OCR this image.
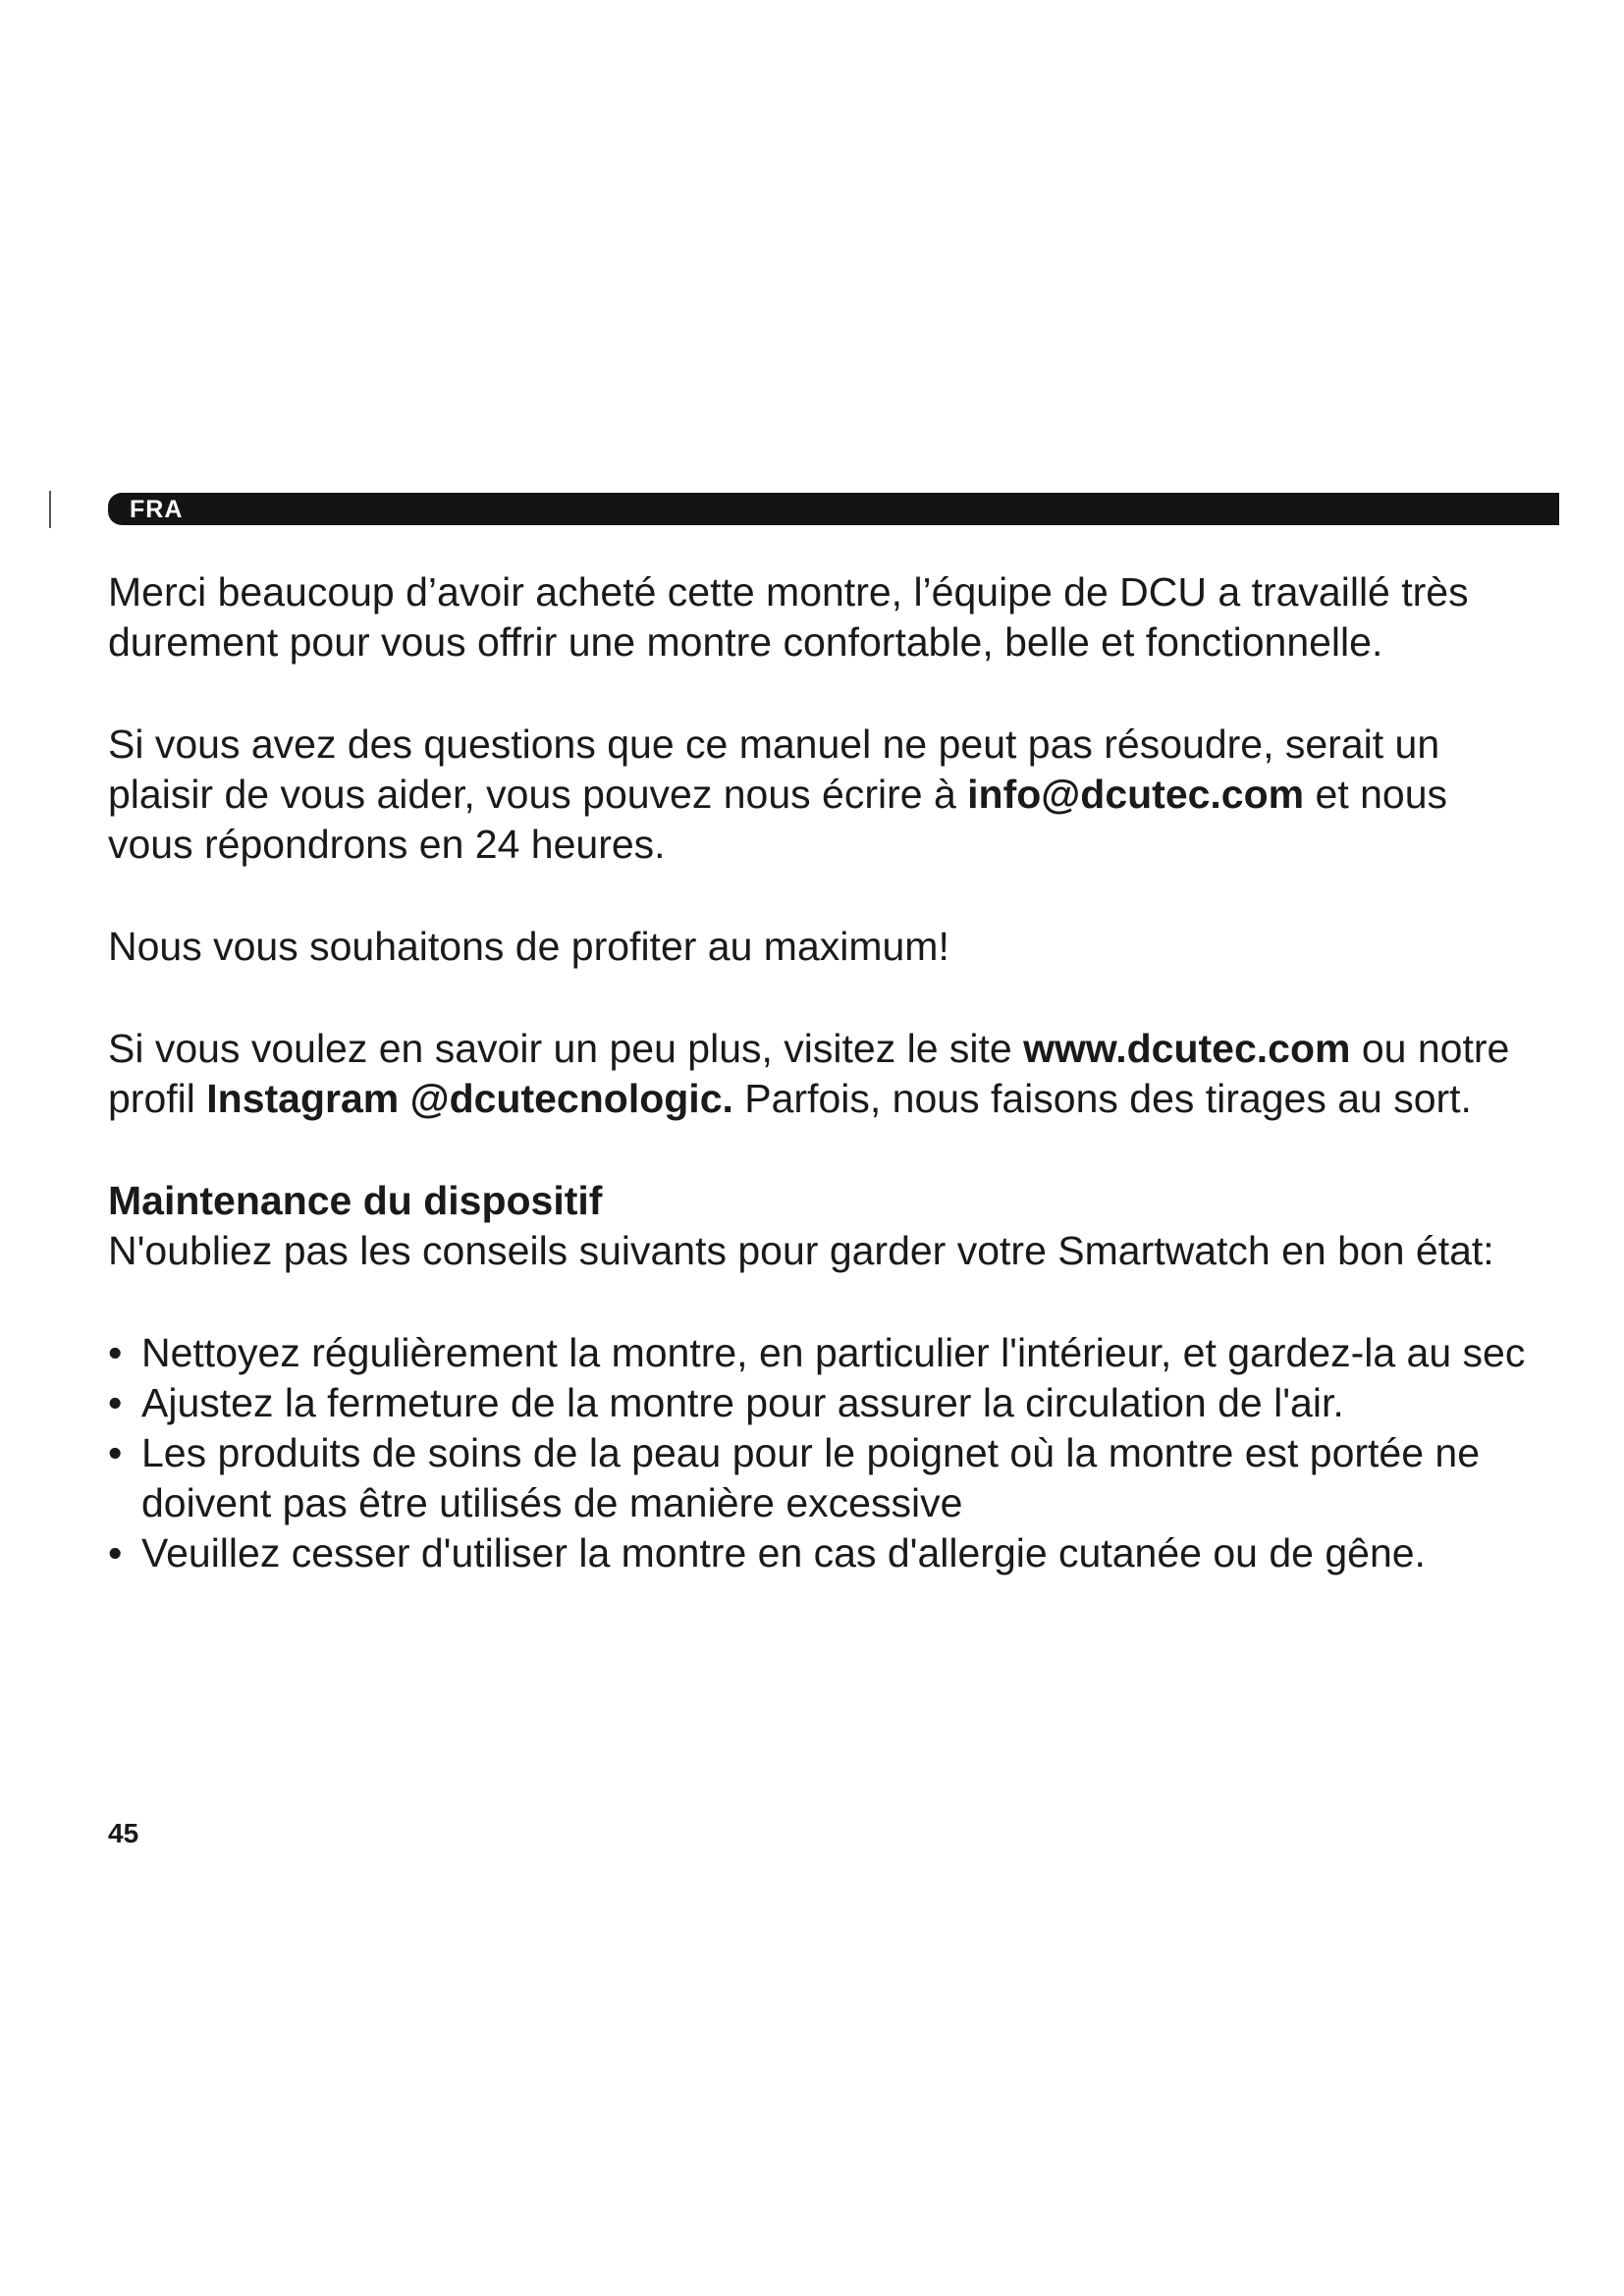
FRA

Merci beaucoup d’avoir acheté cette montre, l’équipe de DCU a travaillé très durement pour vous offrir une montre confortable, belle et fonctionnelle.

Si vous avez des questions que ce manuel ne peut pas résoudre, serait un plaisir de vous aider, vous pouvez nous écrire à info@dcutec.com et nous vous répondrons en 24 heures.

Nous vous souhaitons de profiter au maximum!

Si vous voulez en savoir un peu plus, visitez le site www.dcutec.com ou notre profil Instagram @dcutecnologic. Parfois, nous faisons des tirages au sort.

Maintenance du dispositif

N'oubliez pas les conseils suivants pour garder votre Smartwatch en bon état:

• Nettoyez régulièrement la montre, en particulier l'intérieur, et gardez-la au sec
• Ajustez la fermeture de la montre pour assurer la circulation de l'air.
• Les produits de soins de la peau pour le poignet où la montre est portée ne doivent pas être utilisés de manière excessive
• Veuillez cesser d'utiliser la montre en cas d'allergie cutanée ou de gêne.
45
